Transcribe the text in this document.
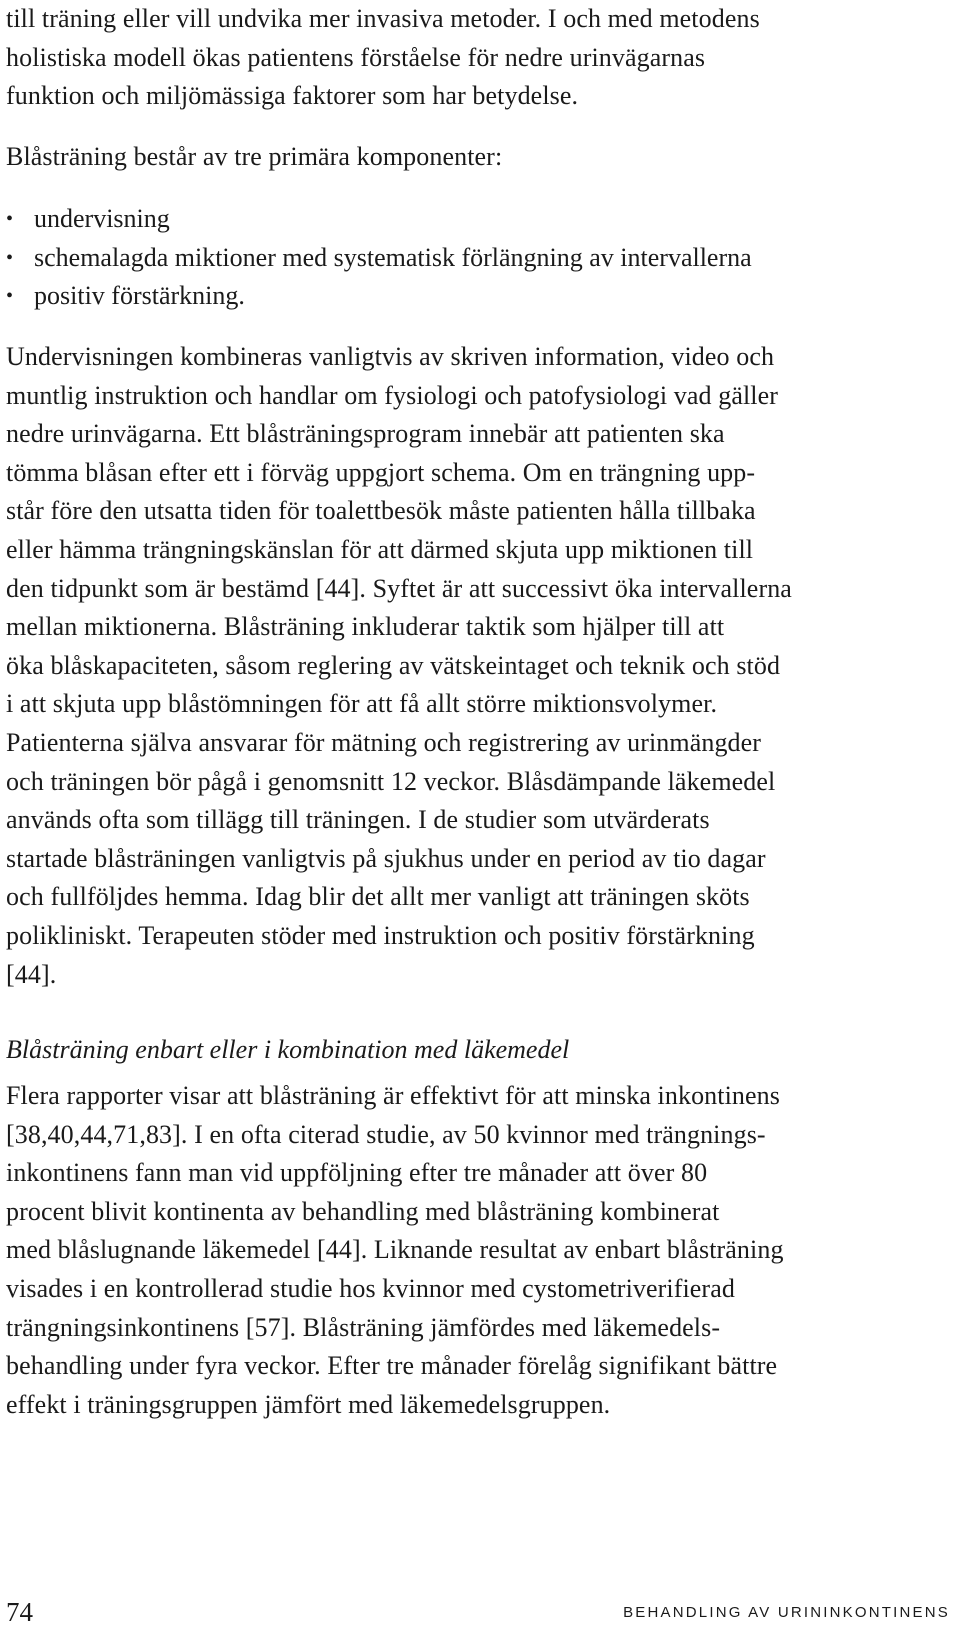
till träning eller vill undvika mer invasiva metoder. I och med metodens
holistiska modell ökas patientens förståelse för nedre urinvägarnas
funktion och miljömässiga faktorer som har betydelse.
Blåsträning består av tre primära komponenter:
• undervisning
• schemalagda miktioner med systematisk förlängning av intervallerna
• positiv förstärkning.
Undervisningen kombineras vanligtvis av skriven information, video och
muntlig instruktion och handlar om fysiologi och patofysiologi vad gäller
nedre urinvägarna. Ett blåsträningsprogram innebär att patienten ska
tömma blåsan efter ett i förväg uppgjort schema. Om en trängning upp-
står före den utsatta tiden för toalettbesök måste patienten hålla tillbaka
eller hämma trängningskänslan för att därmed skjuta upp miktionen till
den tidpunkt som är bestämd [44]. Syftet är att successivt öka intervallerna
mellan miktionerna. Blåsträning inkluderar taktik som hjälper till att
öka blåskapaciteten, såsom reglering av vätskeintaget och teknik och stöd
i att skjuta upp blåstömningen för att få allt större miktionsvolymer.
Patienterna själva ansvarar för mätning och registrering av urinmängder
och träningen bör pågå i genomsnitt 12 veckor. Blåsdämpande läkemedel
används ofta som tillägg till träningen. I de studier som utvärderats
startade blåsträningen vanligtvis på sjukhus under en period av tio dagar
och fullföljdes hemma. Idag blir det allt mer vanligt att träningen sköts
polikliniskt. Terapeuten stöder med instruktion och positiv förstärkning
[44].
Blåsträning enbart eller i kombination med läkemedel
Flera rapporter visar att blåsträning är effektivt för att minska inkontinens
[38,40,44,71,83]. I en ofta citerad studie, av 50 kvinnor med trängnings-
inkontinens fann man vid uppföljning efter tre månader att över 80
procent blivit kontinenta av behandling med blåsträning kombinerat
med blåslugnande läkemedel [44]. Liknande resultat av enbart blåsträning
visades i en kontrollerad studie hos kvinnor med cystometriverifierad
trängningsinkontinens [57]. Blåsträning jämfördes med läkemedels-
behandling under fyra veckor. Efter tre månader förelåg signifikant bättre
effekt i träningsgruppen jämfört med läkemedelsgruppen.
74	BEHANDLING AV URININKONTINENS
